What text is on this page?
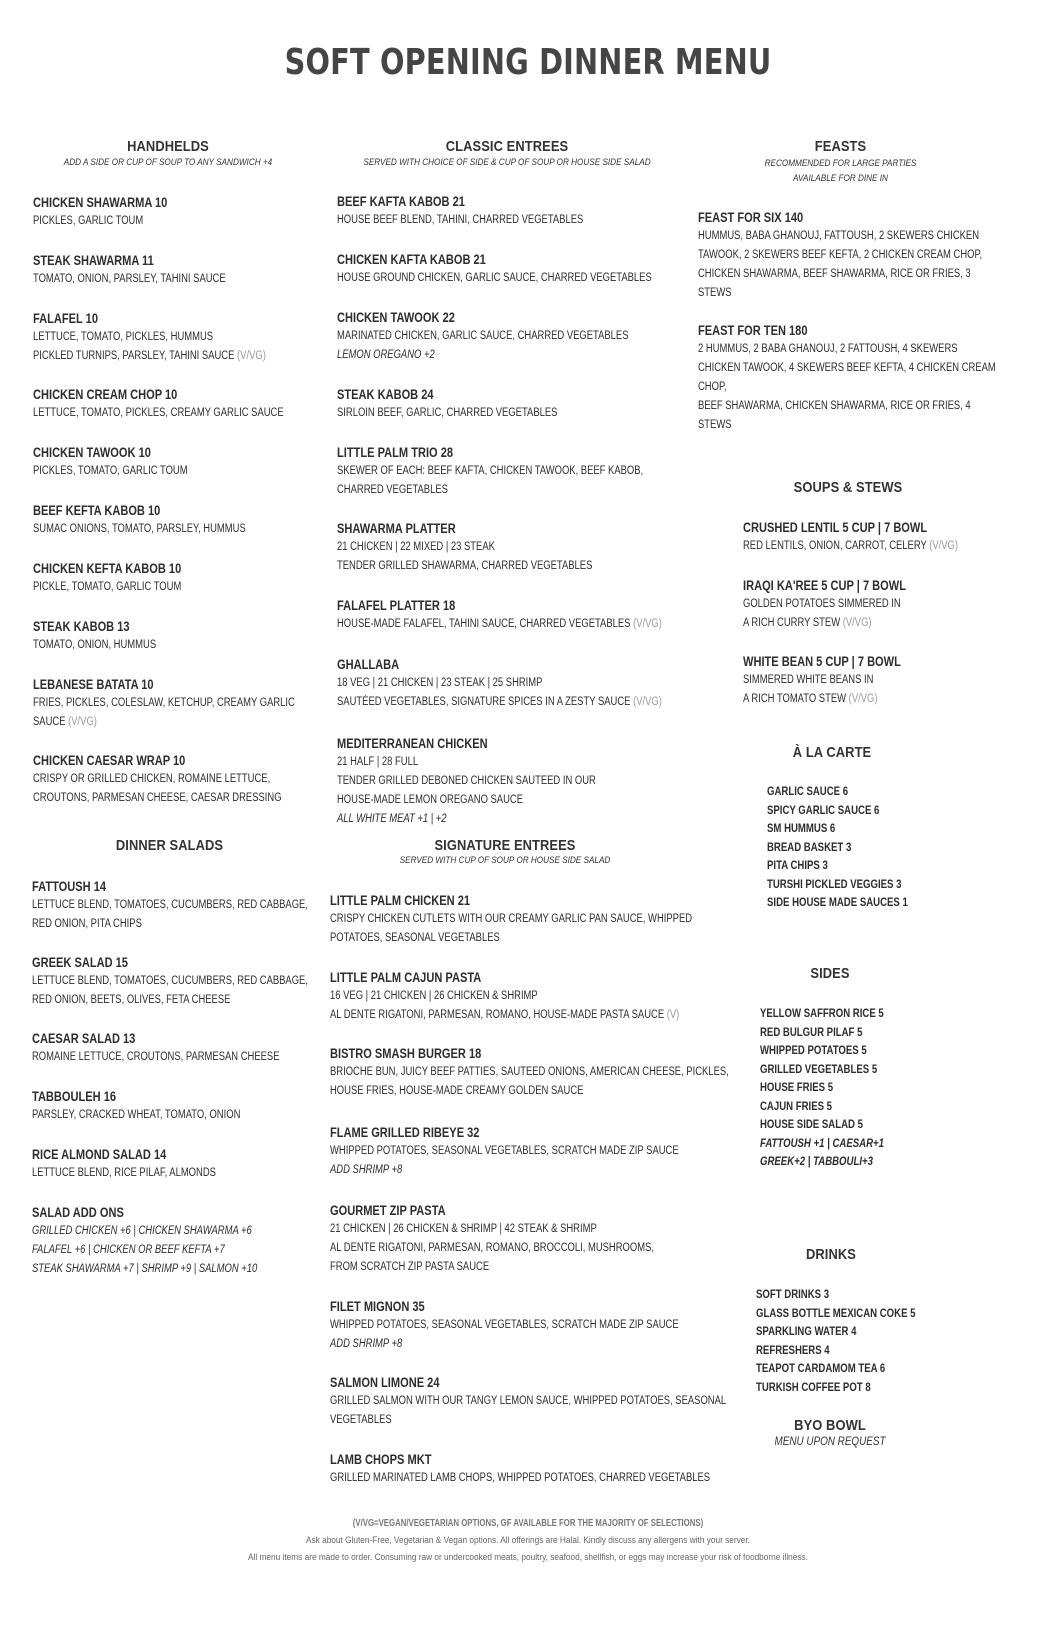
SOFT OPENING DINNER MENU
HANDHELDS
ADD A SIDE OR CUP OF SOUP TO ANY SANDWICH +4
CHICKEN SHAWARMA 10
PICKLES, GARLIC TOUM
STEAK SHAWARMA 11
TOMATO, ONION, PARSLEY, TAHINI SAUCE
FALAFEL 10
LETTUCE, TOMATO, PICKLES, HUMMUS
PICKLED TURNIPS, PARSLEY, TAHINI SAUCE (V/VG)
CHICKEN CREAM CHOP 10
LETTUCE, TOMATO, PICKLES, CREAMY GARLIC SAUCE
CHICKEN TAWOOK 10
PICKLES, TOMATO, GARLIC TOUM
BEEF KEFTA KABOB 10
SUMAC ONIONS, TOMATO, PARSLEY, HUMMUS
CHICKEN KEFTA KABOB 10
PICKLE, TOMATO, GARLIC TOUM
STEAK KABOB 13
TOMATO, ONION, HUMMUS
LEBANESE BATATA 10
FRIES, PICKLES, COLESLAW, KETCHUP, CREAMY GARLIC
SAUCE (V/VG)
CHICKEN CAESAR WRAP 10
CRISPY OR GRILLED CHICKEN, ROMAINE LETTUCE,
CROUTONS, PARMESAN CHEESE, CAESAR DRESSING
DINNER SALADS
FATTOUSH 14
LETTUCE BLEND, TOMATOES, CUCUMBERS, RED CABBAGE,
RED ONION, PITA CHIPS
GREEK SALAD 15
LETTUCE BLEND, TOMATOES, CUCUMBERS, RED CABBAGE,
RED ONION, BEETS, OLIVES, FETA CHEESE
CAESAR SALAD 13
ROMAINE LETTUCE, CROUTONS, PARMESAN CHEESE
TABBOULEH 16
PARSLEY, CRACKED WHEAT, TOMATO, ONION
RICE ALMOND SALAD 14
LETTUCE BLEND, RICE PILAF, ALMONDS
SALAD ADD ONS
GRILLED CHICKEN +6 | CHICKEN SHAWARMA +6
FALAFEL +6 | CHICKEN OR BEEF KEFTA +7
STEAK SHAWARMA +7 | SHRIMP +9 | SALMON +10
CLASSIC ENTREES
SERVED WITH CHOICE OF SIDE & CUP OF SOUP OR HOUSE SIDE SALAD
BEEF KAFTA KABOB 21
HOUSE BEEF BLEND, TAHINI, CHARRED VEGETABLES
CHICKEN KAFTA KABOB 21
HOUSE GROUND CHICKEN, GARLIC SAUCE, CHARRED VEGETABLES
CHICKEN TAWOOK 22
MARINATED CHICKEN, GARLIC SAUCE, CHARRED VEGETABLES
LEMON OREGANO +2
STEAK KABOB 24
SIRLOIN BEEF, GARLIC, CHARRED VEGETABLES
LITTLE PALM TRIO 28
SKEWER OF EACH: BEEF KAFTA, CHICKEN TAWOOK, BEEF KABOB,
CHARRED VEGETABLES
SHAWARMA PLATTER
21 CHICKEN | 22 MIXED | 23 STEAK
TENDER GRILLED SHAWARMA, CHARRED VEGETABLES
FALAFEL PLATTER 18
HOUSE-MADE FALAFEL, TAHINI SAUCE, CHARRED VEGETABLES (V/VG)
GHALLABA
18 VEG | 21 CHICKEN | 23 STEAK | 25 SHRIMP
SAUTÉED VEGETABLES, SIGNATURE SPICES IN A ZESTY SAUCE (V/VG)
MEDITERRANEAN CHICKEN
21 HALF | 28 FULL
TENDER GRILLED DEBONED CHICKEN SAUTEED IN OUR
HOUSE-MADE LEMON OREGANO SAUCE
ALL WHITE MEAT +1 | +2
SIGNATURE ENTREES
SERVED WITH CUP OF SOUP OR HOUSE SIDE SALAD
LITTLE PALM CHICKEN 21
CRISPY CHICKEN CUTLETS WITH OUR CREAMY GARLIC PAN SAUCE, WHIPPED
POTATOES, SEASONAL VEGETABLES
LITTLE PALM CAJUN PASTA
16 VEG | 21 CHICKEN | 26 CHICKEN & SHRIMP
AL DENTE RIGATONI, PARMESAN, ROMANO, HOUSE-MADE PASTA SAUCE (V)
BISTRO SMASH BURGER 18
BRIOCHE BUN, JUICY BEEF PATTIES, SAUTEED ONIONS, AMERICAN CHEESE, PICKLES,
HOUSE FRIES, HOUSE-MADE CREAMY GOLDEN SAUCE
FLAME GRILLED RIBEYE 32
WHIPPED POTATOES, SEASONAL VEGETABLES, SCRATCH MADE ZIP SAUCE
ADD SHRIMP +8
GOURMET ZIP PASTA
21 CHICKEN | 26 CHICKEN & SHRIMP | 42 STEAK & SHRIMP
AL DENTE RIGATONI, PARMESAN, ROMANO, BROCCOLI, MUSHROOMS,
FROM SCRATCH ZIP PASTA SAUCE
FILET MIGNON 35
WHIPPED POTATOES, SEASONAL VEGETABLES, SCRATCH MADE ZIP SAUCE
ADD SHRIMP +8
SALMON LIMONE 24
GRILLED SALMON WITH OUR TANGY LEMON SAUCE, WHIPPED POTATOES, SEASONAL
VEGETABLES
LAMB CHOPS MKT
GRILLED MARINATED LAMB CHOPS, WHIPPED POTATOES, CHARRED VEGETABLES
FEASTS
RECOMMENDED FOR LARGE PARTIES
AVAILABLE FOR DINE IN
FEAST FOR SIX 140
HUMMUS, BABA GHANOUJ, FATTOUSH, 2 SKEWERS CHICKEN
TAWOOK, 2 SKEWERS BEEF KEFTA, 2 CHICKEN CREAM CHOP,
CHICKEN SHAWARMA, BEEF SHAWARMA, RICE OR FRIES, 3
STEWS
FEAST FOR TEN 180
2 HUMMUS, 2 BABA GHANOUJ, 2 FATTOUSH, 4 SKEWERS
CHICKEN TAWOOK, 4 SKEWERS BEEF KEFTA, 4 CHICKEN CREAM
CHOP,
BEEF SHAWARMA, CHICKEN SHAWARMA, RICE OR FRIES, 4
STEWS
SOUPS & STEWS
CRUSHED LENTIL 5 CUP | 7 BOWL
RED LENTILS, ONION, CARROT, CELERY (V/VG)
IRAQI KA'REE 5 CUP | 7 BOWL
GOLDEN POTATOES SIMMERED IN
A RICH CURRY STEW (V/VG)
WHITE BEAN 5 CUP | 7 BOWL
SIMMERED WHITE BEANS IN
A RICH TOMATO STEW (V/VG)
À LA CARTE
GARLIC SAUCE 6
SPICY GARLIC SAUCE 6
SM HUMMUS 6
BREAD BASKET 3
PITA CHIPS 3
TURSHI PICKLED VEGGIES 3
SIDE HOUSE MADE SAUCES 1
SIDES
YELLOW SAFFRON RICE 5
RED BULGUR PILAF 5
WHIPPED POTATOES 5
GRILLED VEGETABLES 5
HOUSE FRIES 5
CAJUN FRIES 5
HOUSE SIDE SALAD 5
FATTOUSH +1 | CAESAR+1
GREEK+2 | TABBOULI+3
DRINKS
SOFT DRINKS 3
GLASS BOTTLE MEXICAN COKE 5
SPARKLING WATER 4
REFRESHERS 4
TEAPOT CARDAMOM TEA 6
TURKISH COFFEE POT 8
BYO BOWL
MENU UPON REQUEST
(V/VG=VEGAN/VEGETARIAN OPTIONS, GF AVAILABLE FOR THE MAJORITY OF SELECTIONS)
Ask about Gluten-Free, Vegetarian & Vegan options. All offerings are Halal. Kindly discuss any allergens with your server.
All menu items are made to order. Consuming raw or undercooked meats, poultry, seafood, shellfish, or eggs may increase your risk of foodborne illness.
